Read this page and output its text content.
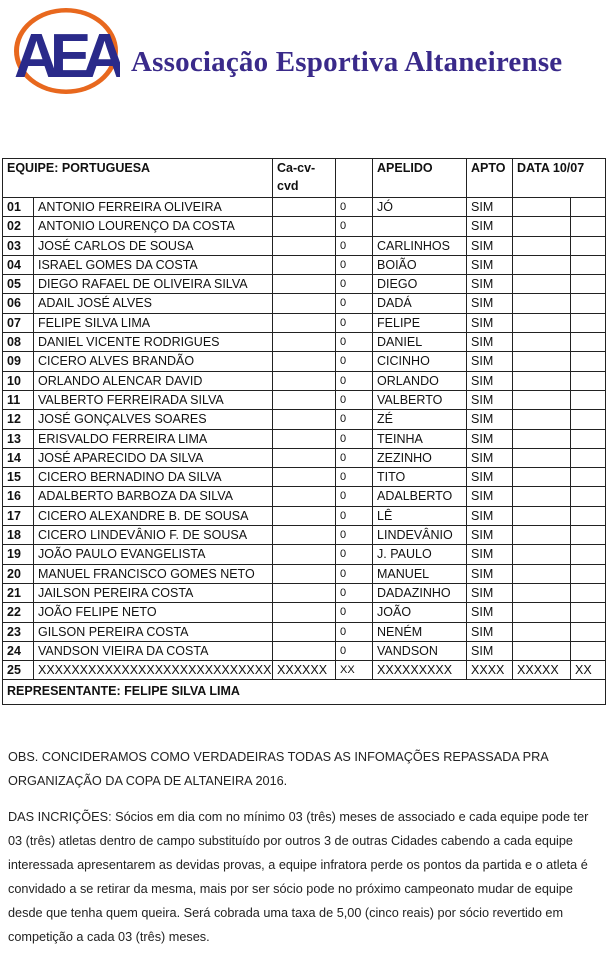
AEA Associação Esportiva Altaneirense
EQUIPE: PORTUGUESA		Ca-cv-cvd		APELIDO	APTO	DATA 10/07	
01	ANTONIO FERREIRA OLIVEIRA		0	JÓ	SIM		
02	ANTONIO LOURENÇO DA COSTA		0		SIM		
03	JOSÉ CARLOS DE SOUSA		0	CARLINHOS	SIM		
04	ISRAEL GOMES DA COSTA		0	BOIÃO	SIM		
05	DIEGO RAFAEL DE OLIVEIRA SILVA		0	DIEGO	SIM		
06	ADAIL JOSÉ ALVES		0	DADÁ	SIM		
07	FELIPE SILVA LIMA		0	FELIPE	SIM		
08	DANIEL VICENTE RODRIGUES		0	DANIEL	SIM		
09	CICERO ALVES BRANDÃO		0	CICINHO	SIM		
10	ORLANDO ALENCAR DAVID		0	ORLANDO	SIM		
11	VALBERTO FERREIRADA SILVA		0	VALBERTO	SIM		
12	JOSÉ GONÇALVES SOARES		0	ZÉ	SIM		
13	ERISVALDO FERREIRA LIMA		0	TEINHA	SIM		
14	JOSÉ APARECIDO DA SILVA		0	ZEZINHO	SIM		
15	CICERO BERNADINO DA SILVA		0	TITO	SIM		
16	ADALBERTO BARBOZA DA SILVA		0	ADALBERTO	SIM		
17	CICERO ALEXANDRE B. DE SOUSA		0	LÊ	SIM		
18	CICERO LINDEVÂNIO F. DE SOUSA		0	LINDEVÂNIO	SIM		
19	JOÃO PAULO EVANGELISTA		0	J. PAULO	SIM		
20	MANUEL FRANCISCO GOMES NETO		0	MANUEL	SIM		
21	JAILSON PEREIRA COSTA		0	DADAZINHO	SIM		
22	JOÃO FELIPE NETO		0	JOÃO	SIM		
23	GILSON PEREIRA COSTA		0	NENÉM	SIM		
24	VANDSON VIEIRA DA COSTA		0	VANDSON	SIM		
25	XXXXXXXXXXXXXXXXXXXXXXXXXXXX	XXXXXX	XX	XXXXXXXXX	XXXX	XXXXX	XX
REPRESENTANTE: FELIPE SILVA LIMA							

OBS. CONCIDERAMOS COMO VERDADEIRAS TODAS AS INFOMAÇÕES REPASSADA PRA ORGANIZAÇÃO DA COPA DE ALTANEIRA 2016.

DAS INCRIÇÕES: Sócios em dia com no mínimo 03 (três) meses de associado e cada equipe pode ter 03 (três) atletas dentro de campo substituído por outros 3 de outras Cidades cabendo a cada equipe interessada apresentarem as devidas provas, a equipe infratora perde os pontos da partida e o atleta é convidado a se retirar da mesma, mais por ser sócio pode no próximo campeonato mudar de equipe desde que tenha quem queira. Será cobrada uma taxa de 5,00 (cinco reais) por sócio revertido em competição a cada 03 (três) meses.
